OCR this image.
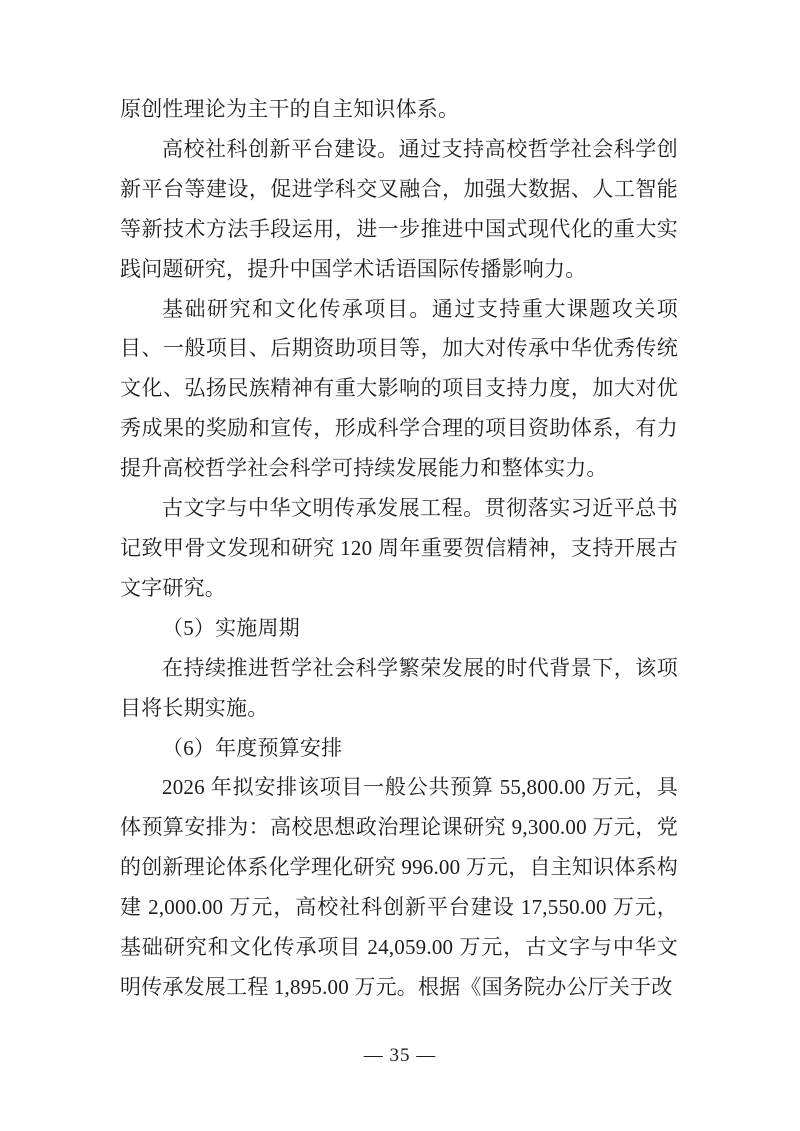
原创性理论为主干的自主知识体系。

高校社科创新平台建设。通过支持高校哲学社会科学创新平台等建设，促进学科交叉融合，加强大数据、人工智能等新技术方法手段运用，进一步推进中国式现代化的重大实践问题研究，提升中国学术话语国际传播影响力。

基础研究和文化传承项目。通过支持重大课题攻关项目、一般项目、后期资助项目等，加大对传承中华优秀传统文化、弘扬民族精神有重大影响的项目支持力度，加大对优秀成果的奖励和宣传，形成科学合理的项目资助体系，有力提升高校哲学社会科学可持续发展能力和整体实力。

古文字与中华文明传承发展工程。贯彻落实习近平总书记致甲骨文发现和研究 120 周年重要贺信精神，支持开展古文字研究。

（5）实施周期

在持续推进哲学社会科学繁荣发展的时代背景下，该项目将长期实施。

（6）年度预算安排

2026 年拟安排该项目一般公共预算 55,800.00 万元，具体预算安排为：高校思想政治理论课研究 9,300.00 万元，党的创新理论体系化学理化研究 996.00 万元，自主知识体系构建 2,000.00 万元，高校社科创新平台建设 17,550.00 万元，基础研究和文化传承项目 24,059.00 万元，古文字与中华文明传承发展工程 1,895.00 万元。根据《国务院办公厅关于改

— 35 —
